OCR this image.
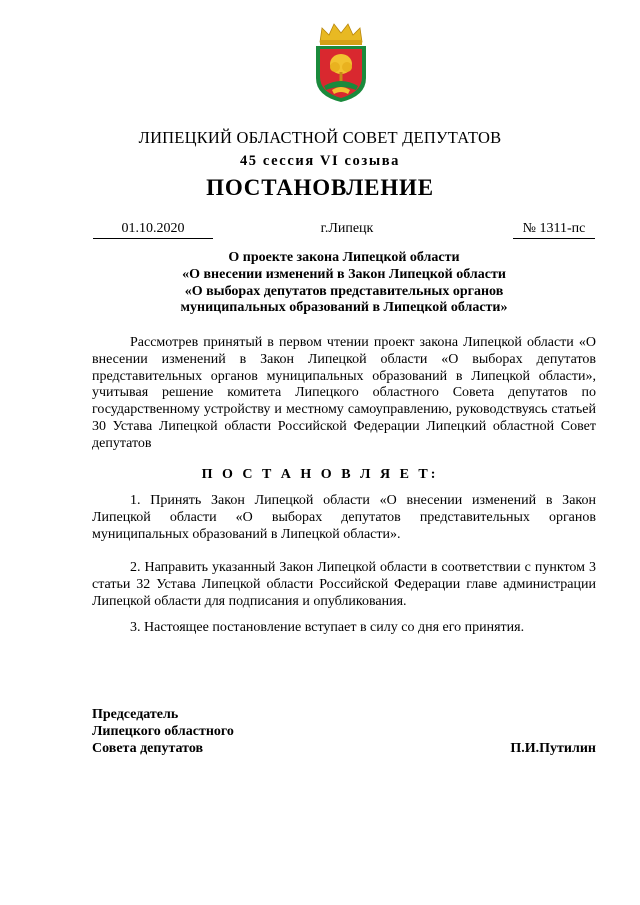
ЛИПЕЦКИЙ ОБЛАСТНОЙ СОВЕТ ДЕПУТАТОВ
45 сессия VI созыва
ПОСТАНОВЛЕНИЕ
01.10.2020	г.Липецк	№ 1311-пс
О проекте закона Липецкой области
«О внесении изменений в Закон Липецкой области
«О выборах депутатов представительных органов
муниципальных образований в Липецкой области»
Рассмотрев принятый в первом чтении проект закона Липецкой области «О внесении изменений в Закон Липецкой области «О выборах депутатов представительных органов муниципальных образований в Липецкой области», учитывая решение комитета Липецкого областного Совета депутатов по государственному устройству и местному самоуправлению, руководствуясь статьей 30 Устава Липецкой области Российской Федерации Липецкий областной Совет депутатов
П О С Т А Н О В Л Я Е Т:
1. Принять Закон Липецкой области «О внесении изменений в Закон Липецкой области «О выборах депутатов представительных органов муниципальных образований в Липецкой области».
2. Направить указанный Закон Липецкой области в соответствии с пунктом 3 статьи 32 Устава Липецкой области Российской Федерации главе администрации Липецкой области для подписания и опубликования.
3. Настоящее постановление вступает в силу со дня его принятия.
Председатель
Липецкого областного
Совета депутатов	П.И.Путилин
